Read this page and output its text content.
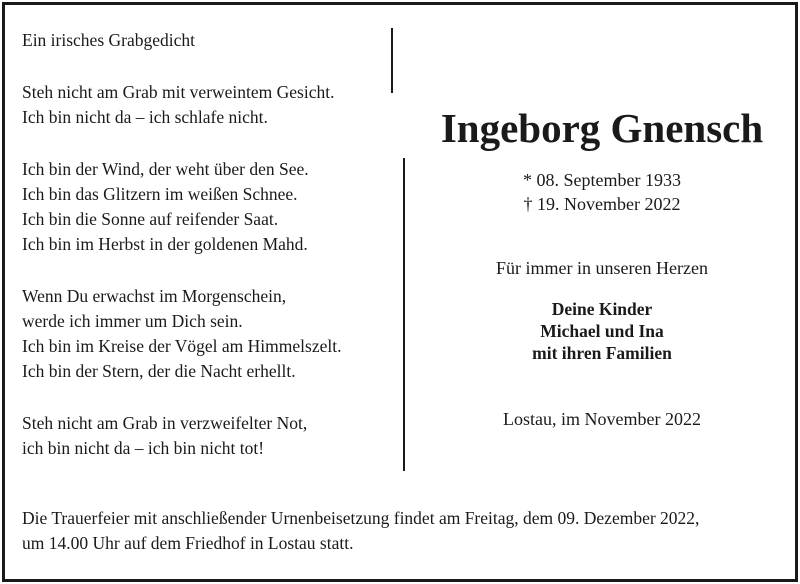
Ein irisches Grabgedicht
Steh nicht am Grab mit verweintem Gesicht.
Ich bin nicht da – ich schlafe nicht.
Ich bin der Wind, der weht über den See.
Ich bin das Glitzern im weißen Schnee.
Ich bin die Sonne auf reifender Saat.
Ich bin im Herbst in der goldenen Mahd.
Wenn Du erwachst im Morgenschein,
werde ich immer um Dich sein.
Ich bin im Kreise der Vögel am Himmelszelt.
Ich bin der Stern, der die Nacht erhellt.
Steh nicht am Grab in verzweifelter Not,
ich bin nicht da – ich bin nicht tot!
Ingeborg Gnensch
* 08. September 1933
† 19. November 2022
Für immer in unseren Herzen
Deine Kinder
Michael und Ina
mit ihren Familien
Lostau, im November 2022
Die Trauerfeier mit anschließender Urnenbeisetzung findet am Freitag, dem 09. Dezember 2022,
um 14.00 Uhr auf dem Friedhof in Lostau statt.
